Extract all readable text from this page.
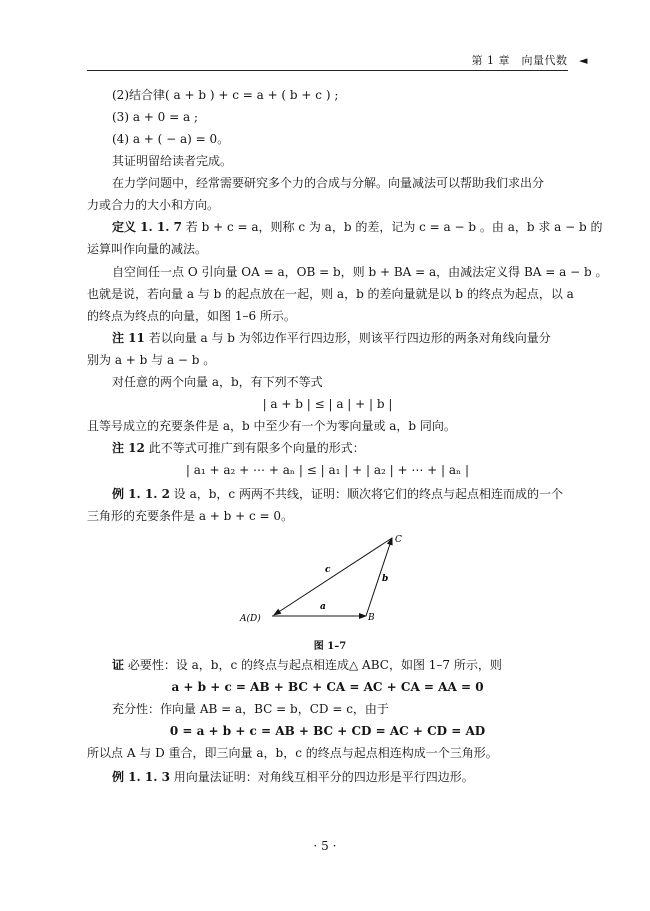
第 1 章　向量代数　◄
(2)结合律( a + b ) + c = a + ( b + c ) ;
(3) a + 0 = a ;
(4) a + ( − a) = 0。
其证明留给读者完成。
在力学问题中，经常需要研究多个力的合成与分解。向量减法可以帮助我们求出分
力或合力的大小和方向。
定义 1. 1. 7 若 b + c = a，则称 c 为 a，b 的差，记为 c = a − b 。由 a，b 求 a − b 的
运算叫作向量的减法。
自空间任一点 O 引向量 OA = a，OB = b，则 b + BA = a，由减法定义得 BA = a − b 。
也就是说，若向量 a 与 b 的起点放在一起，则 a，b 的差向量就是以 b 的终点为起点，以 a
的终点为终点的向量，如图 1–6 所示。
注 11 若以向量 a 与 b 为邻边作平行四边形，则该平行四边形的两条对角线向量分
别为 a + b 与 a − b 。
对任意的两个向量 a，b，有下列不等式
| a + b | ≤ | a | + | b |
且等号成立的充要条件是 a，b 中至少有一个为零向量或 a，b 同向。
注 12 此不等式可推广到有限多个向量的形式：
| a₁ + a₂ + ⋯ + aₙ | ≤ | a₁ | + | a₂ | + ⋯ + | aₙ |
例 1. 1. 2 设 a，b，c 两两不共线，证明：顺次将它们的终点与起点相连而成的一个
三角形的充要条件是 a + b + c = 0。
A(D)	B
C
a
b
c
图 1–7
证 必要性：设 a，b，c 的终点与起点相连成△ ABC，如图 1–7 所示，则
a + b + c = AB + BC + CA = AC + CA = AA = 0
充分性：作向量 AB = a，BC = b，CD = c，由于
0 = a + b + c = AB + BC + CD = AC + CD = AD
所以点 A 与 D 重合，即三向量 a，b，c 的终点与起点相连构成一个三角形。
例 1. 1. 3 用向量法证明：对角线互相平分的四边形是平行四边形。
· 5 ·
